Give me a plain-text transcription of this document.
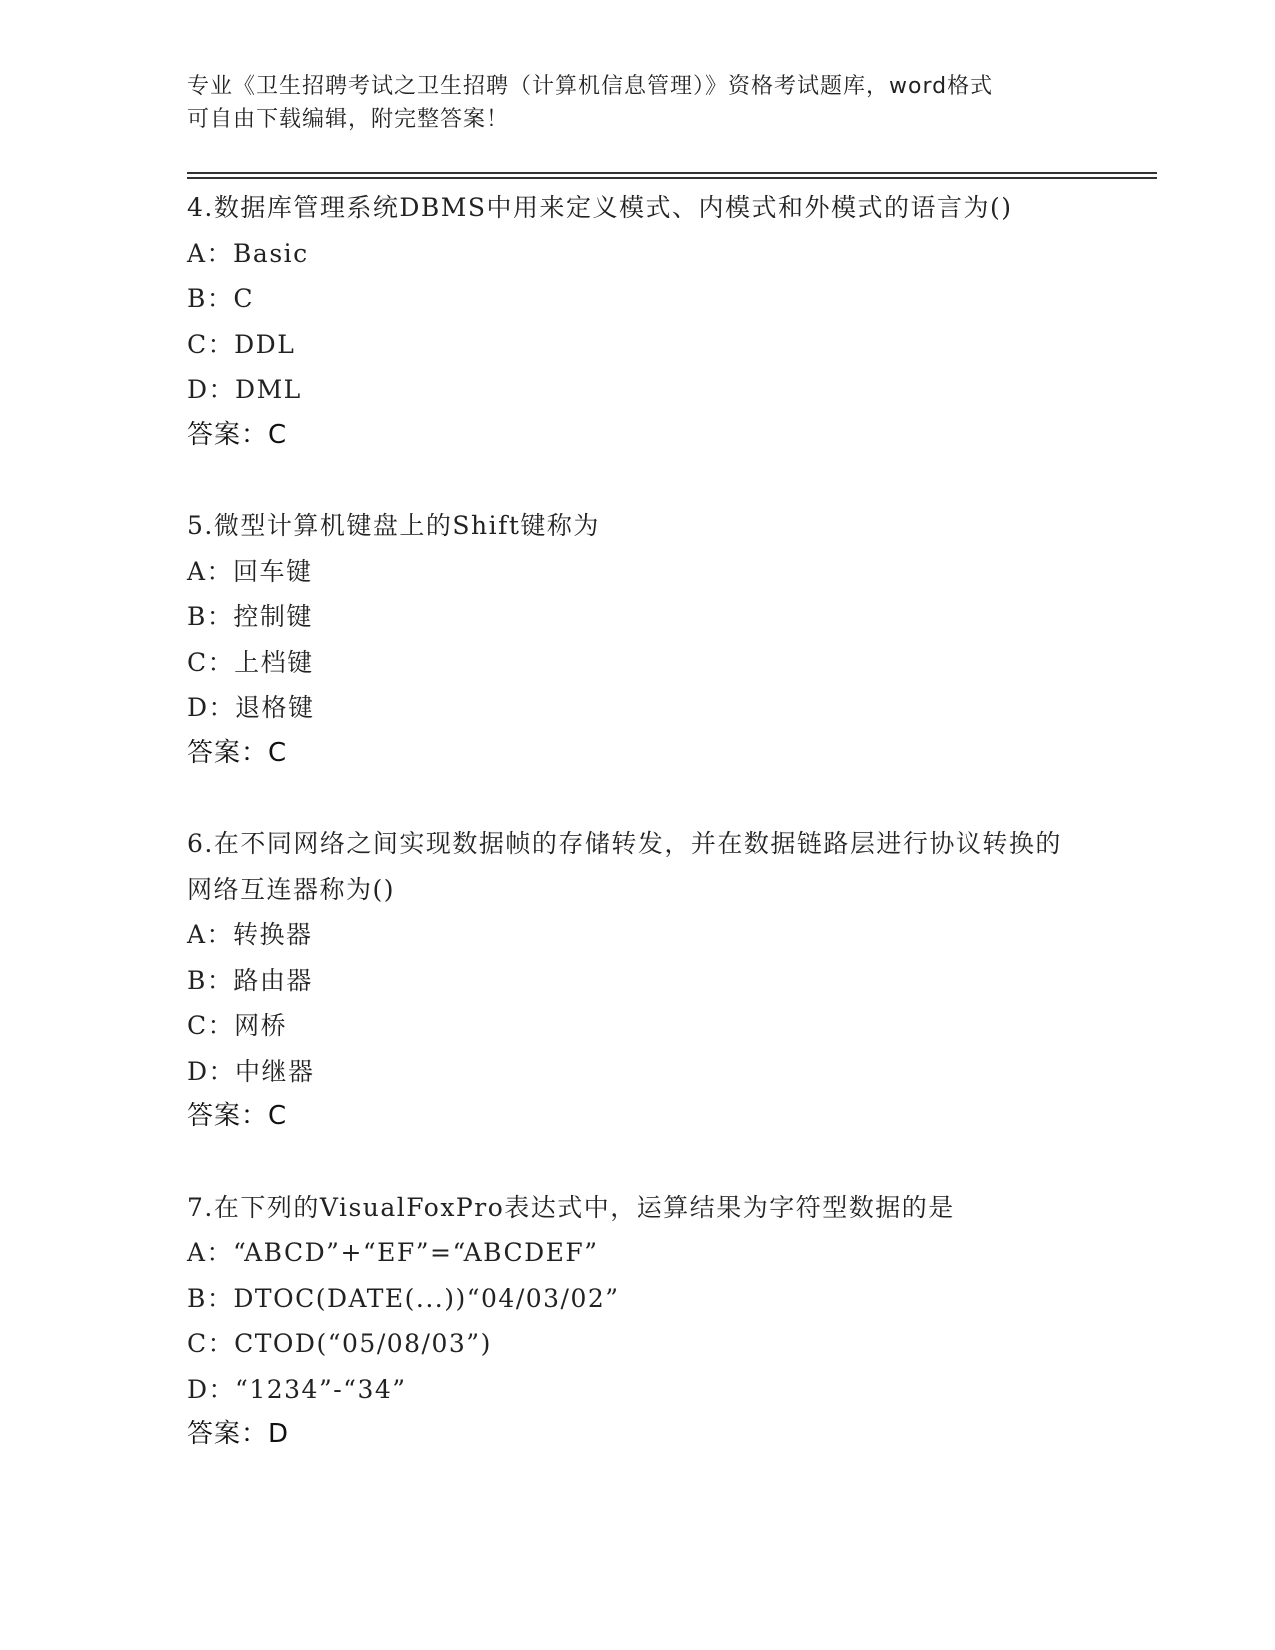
专业《卫生招聘考试之卫生招聘（计算机信息管理）》资格考试题库，word格式
可自由下载编辑，附完整答案！
4.数据库管理系统DBMS中用来定义模式、内模式和外模式的语言为()
A：Basic
B：C
C：DDL
D：DML
答案：C
5.微型计算机键盘上的Shift键称为
A：回车键
B：控制键
C：上档键
D：退格键
答案：C
6.在不同网络之间实现数据帧的存储转发，并在数据链路层进行协议转换的网络互连器称为()
A：转换器
B：路由器
C：网桥
D：中继器
答案：C
7.在下列的VisualFoxPro表达式中，运算结果为字符型数据的是
A：“ABCD”+“EF”=“ABCDEF”
B：DTOC(DATE(...))“04/03/02”
C：CTOD(“05/08/03”)
D：“1234”-“34”
答案：D
